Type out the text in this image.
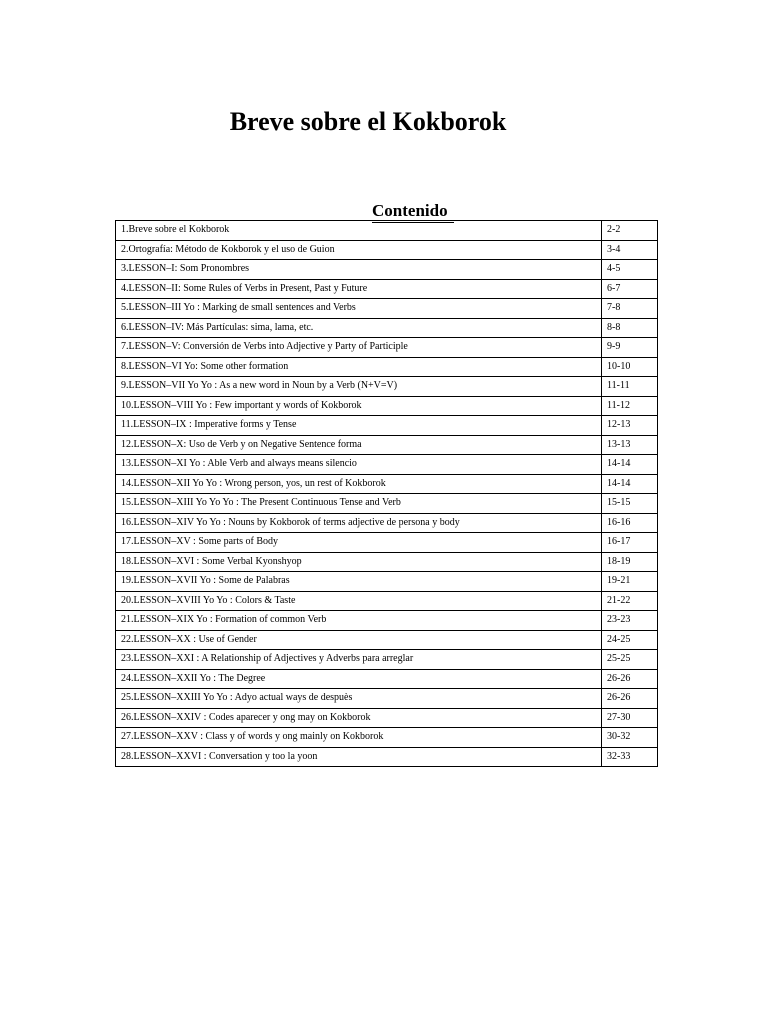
Breve sobre el Kokborok
Contenido
1.Breve sobre el Kokborok	2-2
2.Ortografía: Método de Kokborok y el uso de Guion	3-4
3.LESSON–I: Som Pronombres	4-5
4.LESSON–II: Some Rules of Verbs in Present, Past y Future	6-7
5.LESSON–III Yo : Marking de small sentences and Verbs	7-8
6.LESSON–IV: Más Partículas: sima, lama, etc.	8-8
7.LESSON–V: Conversión de Verbs into Adjective y Party of Participle	9-9
8.LESSON–VI Yo: Some other formation	10-10
9.LESSON–VII Yo Yo : As a new word in Noun by a Verb (N+V=V)	11-11
10.LESSON–VIII Yo : Few important y words of Kokborok	11-12
11.LESSON–IX : Imperative forms y Tense	12-13
12.LESSON–X: Uso de Verb y on Negative Sentence forma	13-13
13.LESSON–XI Yo : Able Verb and always means silencio	14-14
14.LESSON–XII Yo Yo : Wrong person, yos, un rest of Kokborok	14-14
15.LESSON–XIII Yo Yo Yo : The Present Continuous Tense and Verb	15-15
16.LESSON–XIV Yo Yo : Nouns by Kokborok of terms adjective de persona y body	16-16
17.LESSON–XV : Some parts of Body	16-17
18.LESSON–XVI : Some Verbal Kyonshyop	18-19
19.LESSON–XVII Yo : Some de Palabras	19-21
20.LESSON–XVIII Yo Yo : Colors & Taste	21-22
21.LESSON–XIX Yo : Formation of common Verb	23-23
22.LESSON–XX : Use of Gender	24-25
23.LESSON–XXI : A Relationship of Adjectives y Adverbs para arreglar	25-25
24.LESSON–XXII Yo : The Degree	26-26
25.LESSON–XXIII Yo Yo : Adyo actual ways de despuès	26-26
26.LESSON–XXIV : Codes aparecer y ong may on Kokborok	27-30
27.LESSON–XXV : Class y of words y ong mainly on Kokborok	30-32
28.LESSON–XXVI : Conversation y too la yoon	32-33
